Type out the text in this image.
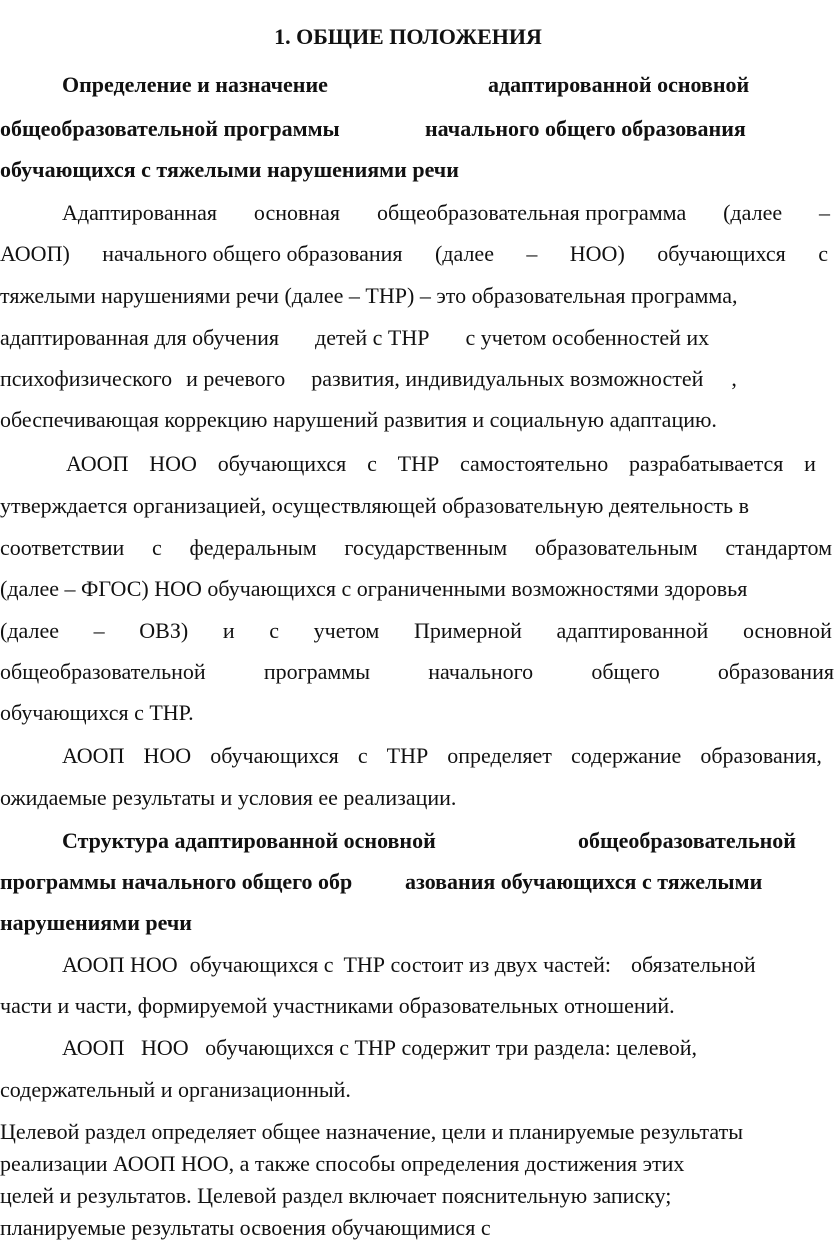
1. ОБЩИЕ ПОЛОЖЕНИЯ
Определение и назначение	адаптированной основной
общеобразовательной программы	начального общего образования
обучающихся с тяжелыми нарушениями речи
Адаптированная основная общеобразовательная программа (далее –
АООП) начального общего образования (далее – НОО) обучающихся с
тяжелыми нарушениями речи (далее – ТНР) – это образовательная программа,
адаптированная для обучения детей с ТНР с учетом особенностей их
психофизического и речевого развития, индивидуальных возможностей ,
обеспечивающая коррекцию нарушений развития и социальную адаптацию.
АООП НОО обучающихся с ТНР самостоятельно разрабатывается и
утверждается организацией, осуществляющей образовательную деятельность в
соответствии с федеральным государственным образовательным стандартом
(далее – ФГОС) НОО обучающихся с ограниченными возможностями здоровья
(далее – ОВЗ) и с учетом Примерной адаптированной основной
общеобразовательной	программы	начального	общего	образования
обучающихся с ТНР.
АООП НОО обучающихся с ТНР определяет содержание образования,
ожидаемые результаты и условия ее реализации.
Структура адаптированной основной	общеобразовательной
программы начального общего обр азования обучающихся с тяжелыми
нарушениями речи
АООП НОО обучающихся с ТНР состоит из двух частей: обязательной
части и части, формируемой участниками образовательных отношений.
АООП   НОО   обучающихся с ТНР содержит три раздела: целевой,
содержательный и организационный.
Целевой раздел определяет общее назначение, цели и планируемые результаты
реализации АООП НОО, а также способы определения достижения этих
целей и результатов. Целевой раздел включает пояснительную записку;
планируемые результаты освоения обучающимися с
